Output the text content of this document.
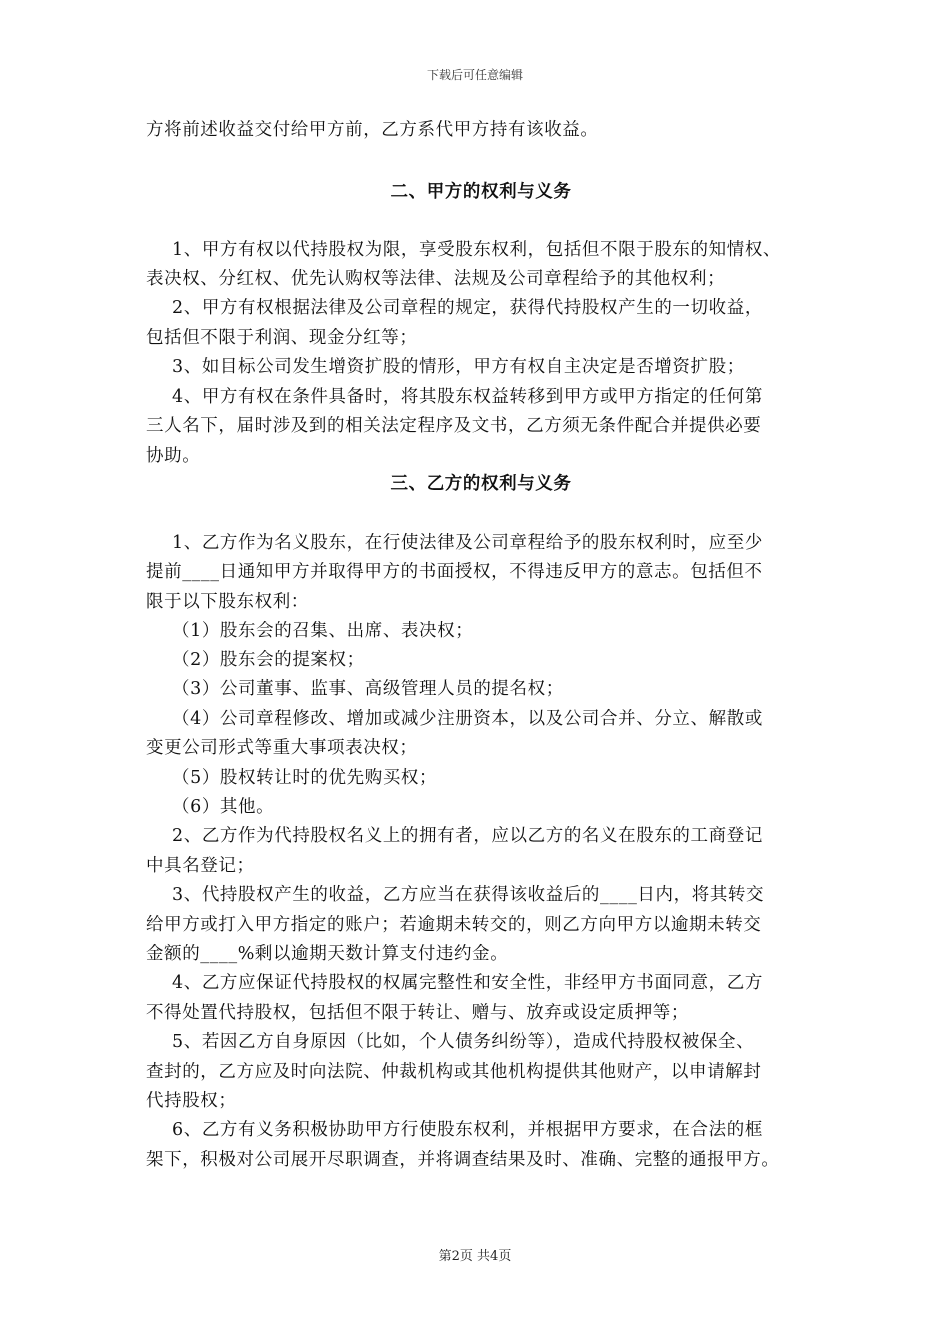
下载后可任意编辑
方将前述收益交付给甲方前，乙方系代甲方持有该收益。
二、甲方的权利与义务
1、甲方有权以代持股权为限，享受股东权利，包括但不限于股东的知情权、
表决权、分红权、优先认购权等法律、法规及公司章程给予的其他权利；
2、甲方有权根据法律及公司章程的规定，获得代持股权产生的一切收益，
包括但不限于利润、现金分红等；
3、如目标公司发生增资扩股的情形，甲方有权自主决定是否增资扩股；
4、甲方有权在条件具备时，将其股东权益转移到甲方或甲方指定的任何第
三人名下，届时涉及到的相关法定程序及文书，乙方须无条件配合并提供必要
协助。
三、乙方的权利与义务
1、乙方作为名义股东，在行使法律及公司章程给予的股东权利时，应至少
提前____日通知甲方并取得甲方的书面授权，不得违反甲方的意志。包括但不
限于以下股东权利：
（1）股东会的召集、出席、表决权；
（2）股东会的提案权；
（3）公司董事、监事、高级管理人员的提名权；
（4）公司章程修改、增加或减少注册资本，以及公司合并、分立、解散或
变更公司形式等重大事项表决权；
（5）股权转让时的优先购买权；
（6）其他。
2、乙方作为代持股权名义上的拥有者，应以乙方的名义在股东的工商登记
中具名登记；
3、代持股权产生的收益，乙方应当在获得该收益后的____日内，将其转交
给甲方或打入甲方指定的账户；若逾期未转交的，则乙方向甲方以逾期未转交
金额的____%剩以逾期天数计算支付违约金。
4、乙方应保证代持股权的权属完整性和安全性，非经甲方书面同意，乙方
不得处置代持股权，包括但不限于转让、赠与、放弃或设定质押等；
5、若因乙方自身原因（比如，个人债务纠纷等），造成代持股权被保全、
查封的，乙方应及时向法院、仲裁机构或其他机构提供其他财产，以申请解封
代持股权；
6、乙方有义务积极协助甲方行使股东权利，并根据甲方要求，在合法的框
架下，积极对公司展开尽职调查，并将调查结果及时、准确、完整的通报甲方。
第2页 共4页
